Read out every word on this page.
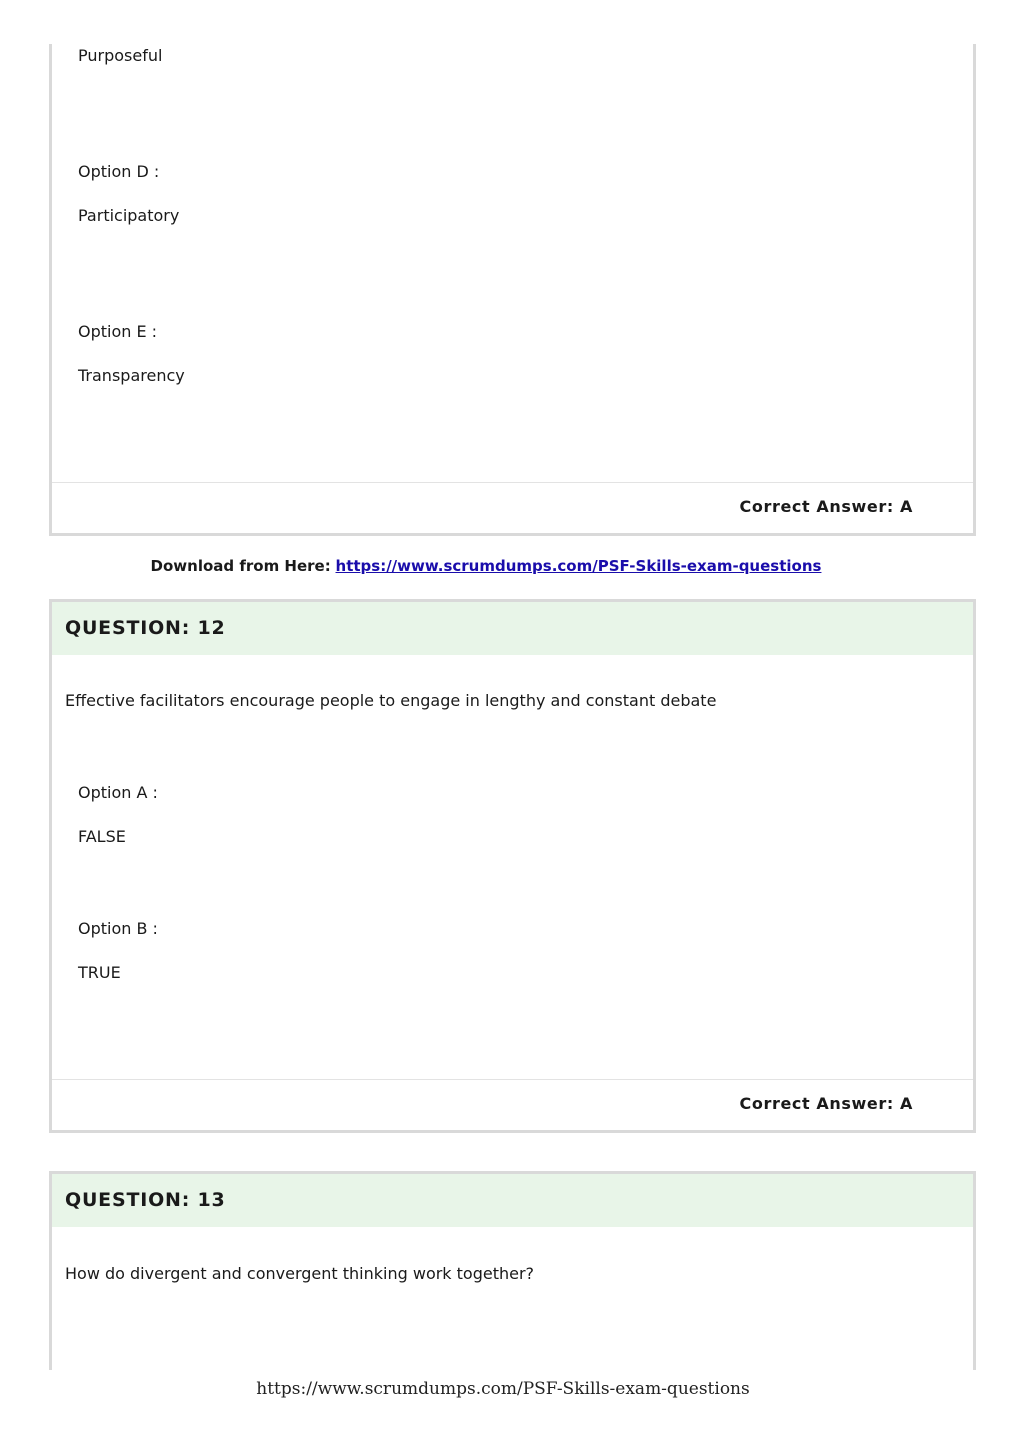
Purposeful
Option D :
Participatory
Option E :
Transparency
Correct Answer: A
Download from Here: https://www.scrumdumps.com/PSF-Skills-exam-questions
QUESTION: 12
Effective facilitators encourage people to engage in lengthy and constant debate
Option A :
FALSE
Option B :
TRUE
Correct Answer: A
QUESTION: 13
How do divergent and convergent thinking work together?
https://www.scrumdumps.com/PSF-Skills-exam-questions
